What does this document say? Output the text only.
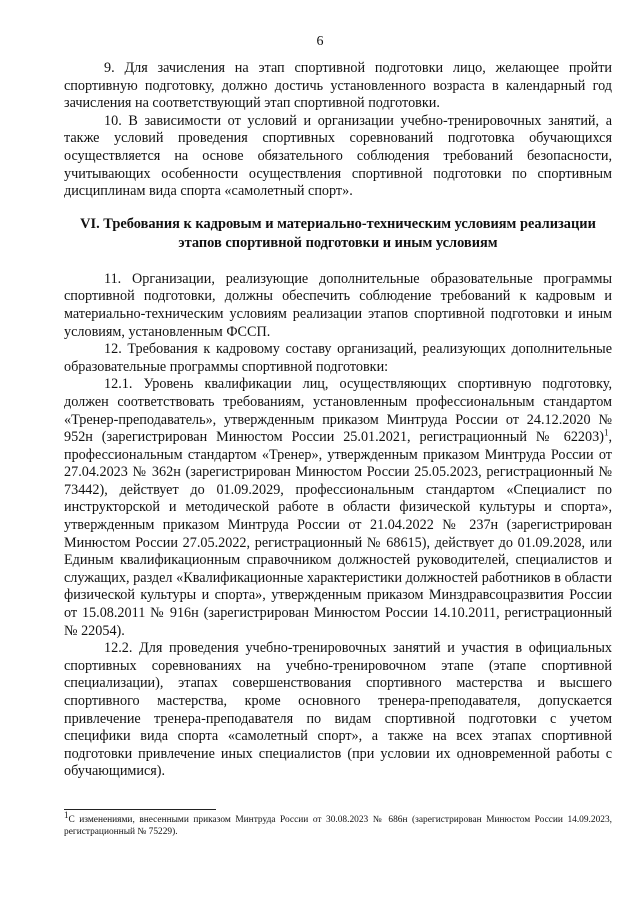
6

9. Для зачисления на этап спортивной подготовки лицо, желающее пройти спортивную подготовку, должно достичь установленного возраста в календарный год зачисления на соответствующий этап спортивной подготовки.

10. В зависимости от условий и организации учебно-тренировочных занятий, а также условий проведения спортивных соревнований подготовка обучающихся осуществляется на основе обязательного соблюдения требований безопасности, учитывающих особенности осуществления спортивной подготовки по спортивным дисциплинам вида спорта «самолетный спорт».

VI. Требования к кадровым и материально-техническим условиям реализации этапов спортивной подготовки и иным условиям

11. Организации, реализующие дополнительные образовательные программы спортивной подготовки, должны обеспечить соблюдение требований к кадровым и материально-техническим условиям реализации этапов спортивной подготовки и иным условиям, установленным ФССП.

12. Требования к кадровому составу организаций, реализующих дополнительные образовательные программы спортивной подготовки:

12.1. Уровень квалификации лиц, осуществляющих спортивную подготовку, должен соответствовать требованиям, установленным профессиональным стандартом «Тренер-преподаватель», утвержденным приказом Минтруда России от 24.12.2020 № 952н (зарегистрирован Минюстом России 25.01.2021, регистрационный № 62203)$^1$, профессиональным стандартом «Тренер», утвержденным приказом Минтруда России от 27.04.2023 № 362н (зарегистрирован Минюстом России 25.05.2023, регистрационный № 73442), действует до 01.09.2029, профессиональным стандартом «Специалист по инструкторской и методической работе в области физической культуры и спорта», утвержденным приказом Минтруда России от 21.04.2022 № 237н (зарегистрирован Минюстом России 27.05.2022, регистрационный № 68615), действует до 01.09.2028, или Единым квалификационным справочником должностей руководителей, специалистов и служащих, раздел «Квалификационные характеристики должностей работников в области физической культуры и спорта», утвержденным приказом Минздравсоцразвития России от 15.08.2011 № 916н (зарегистрирован Минюстом России 14.10.2011, регистрационный № 22054).

12.2. Для проведения учебно-тренировочных занятий и участия в официальных спортивных соревнованиях на учебно-тренировочном этапе (этапе спортивной специализации), этапах совершенствования спортивного мастерства и высшего спортивного мастерства, кроме основного тренера-преподавателя, допускается привлечение тренера-преподавателя по видам спортивной подготовки с учетом специфики вида спорта «самолетный спорт», а также на всех этапах спортивной подготовки привлечение иных специалистов (при условии их одновременной работы с обучающимися).

$^1$С изменениями, внесенными приказом Минтруда России от 30.08.2023 № 686н (зарегистрирован Минюстом России 14.09.2023, регистрационный № 75229).
